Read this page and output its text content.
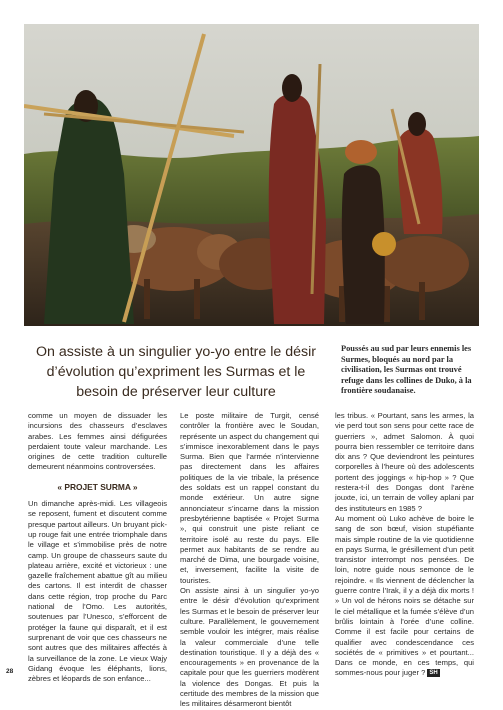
On assiste à un singulier yo-yo entre le désir d’évolution qu’expriment les Surmas et le besoin de préserver leur culture
Poussés au sud par leurs ennemis les Surmes, bloqués au nord par la civilisation, les Surmas ont trouvé refuge dans les collines de Duko, à la frontière soudanaise.

comme un moyen de dissuader les incursions des chasseurs d’esclaves arabes. Les femmes ainsi défigurées perdaient toute valeur marchande. Les origines de cette tradition culturelle demeurent néanmoins controversées.

« PROJET SURMA »

Un dimanche après-midi. Les villageois se reposent, fument et discutent comme presque partout ailleurs. Un bruyant pick-up rouge fait une entrée triomphale dans le village et s’immobilise près de notre camp. Un groupe de chasseurs saute du plateau arrière, excité et victorieux : une gazelle fraîchement abattue gît au milieu des cartons. Il est interdit de chasser dans cette région, trop proche du Parc national de l’Omo. Les autorités, soutenues par l’Unesco, s’efforcent de protéger la faune qui disparaît, et il est surprenant de voir que ces chasseurs ne sont autres que des militaires affectés à la surveillance de la zone. Le vieux Wajy Gidang évoque les éléphants, lions, zèbres et léopards de son enfance...

Le poste militaire de Turgit, censé contrôler la frontière avec le Soudan, représente un aspect du changement qui s’immisce inexorablement dans le pays Surma. Bien que l’armée n’intervienne pas directement dans les affaires politiques de la vie tribale, la présence des soldats est un rappel constant du monde extérieur. Un autre signe annonciateur s’incarne dans la mission presbytérienne baptisée « Projet Surma », qui construit une piste reliant ce territoire isolé au reste du pays. Elle permet aux habitants de se rendre au marché de Dima, une bourgade voisine, et, inversement, facilite la visite de touristes.

On assiste ainsi à un singulier yo-yo entre le désir d’évolution qu’expriment les Surmas et le besoin de préserver leur culture. Parallèlement, le gouvernement semble vouloir les intégrer, mais réalise la valeur commerciale d’une telle destination touristique. Il y a déjà des « encouragements » en provenance de la capitale pour que les guerriers modèrent la violence des Dongas. Et puis la certitude des membres de la mission que les militaires désarmeront bientôt

les tribus. « Pourtant, sans les armes, la vie perd tout son sens pour cette race de guerriers », admet Salomon. À quoi pourra bien ressembler ce territoire dans dix ans ? Que deviendront les peintures corporelles à l’heure où des adolescents portent des joggings « hip-hop » ? Que restera-t-il des Dongas dont l’arène jouxte, ici, un terrain de volley aplani par des instituteurs en 1985 ?

Au moment où Luko achève de boire le sang de son bœuf, vision stupéfiante mais simple routine de la vie quotidienne en pays Surma, le grésillement d’un petit transistor interrompt nos pensées. De loin, notre guide nous semonce de le rejoindre. « Ils viennent de déclencher la guerre contre l’Irak, il y a déjà dix morts ! » Un vol de hérons noirs se détache sur le ciel métallique et la fumée s’élève d’un brûlis lointain à l’orée d’une colline. Comme il est facile pour certains de qualifier avec condescendance ces sociétés de « primitives » et pourtant... Dans ce monde, en ces temps, qui sommes-nous pour juger ? SH

28
